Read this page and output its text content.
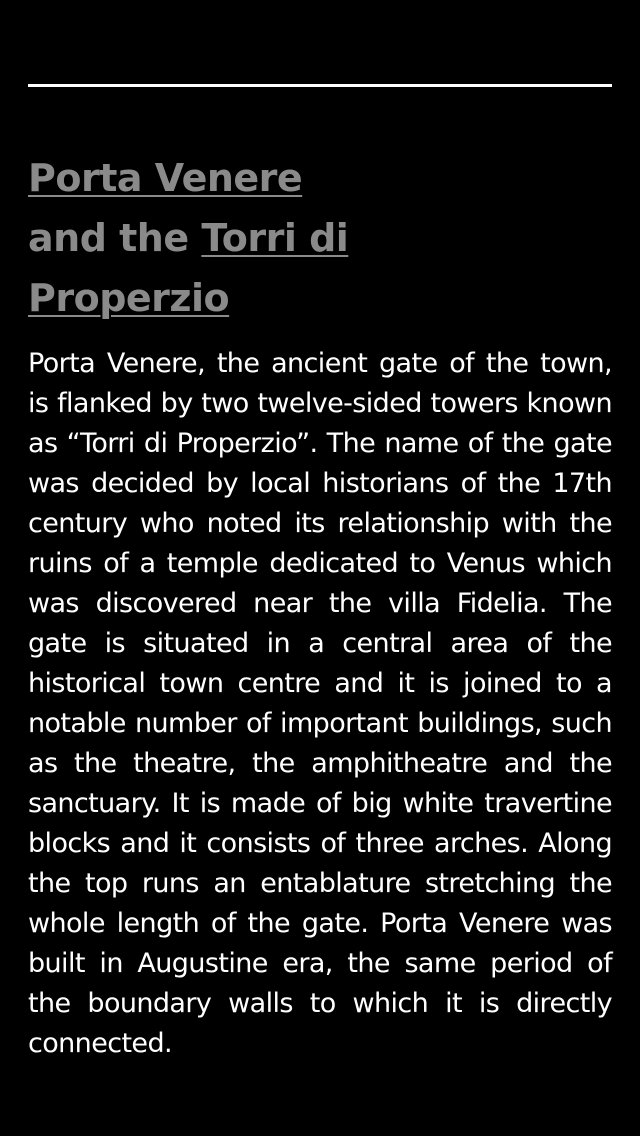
Porta Venere
and the Torri di Properzio

Porta Venere, the ancient gate of the town, is flanked by two twelve-sided towers known as “Torri di Properzio”. The name of the gate was decided by local historians of the 17th century who noted its relationship with the ruins of a temple dedicated to Venus which was discovered near the villa Fidelia. The gate is situated in a central area of the historical town centre and it is joined to a notable number of important buildings, such as the theatre, the amphitheatre and the sanctuary. It is made of big white travertine blocks and it consists of three arches. Along the top runs an entablature stretching the whole length of the gate. Porta Venere was built in Augustine era, the same period of the boundary walls to which it is directly connected.
